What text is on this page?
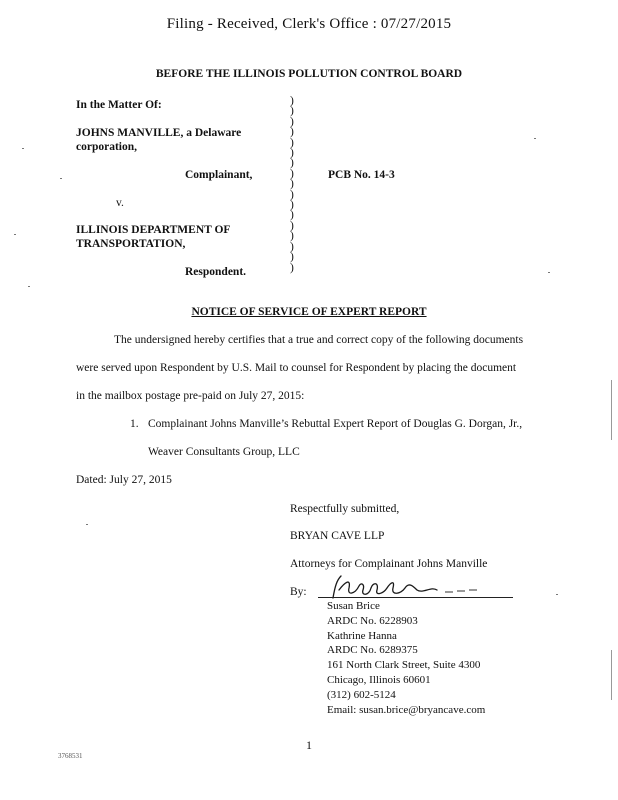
Filing - Received, Clerk's Office : 07/27/2015
BEFORE THE ILLINOIS POLLUTION CONTROL BOARD
In the Matter Of:
JOHNS MANVILLE, a Delaware
corporation,
Complainant,	PCB No. 14-3
v.
ILLINOIS DEPARTMENT OF
TRANSPORTATION,
Respondent.
)
)
)
)
)
)
)
)
)
)
)
)
)
)
)
)
)
NOTICE OF SERVICE OF EXPERT REPORT
The undersigned hereby certifies that a true and correct copy of the following documents
were served upon Respondent by U.S. Mail to counsel for Respondent by placing the document
in the mailbox postage pre-paid on July 27, 2015:
1. Complainant Johns Manville’s Rebuttal Expert Report of Douglas G. Dorgan, Jr.,
Weaver Consultants Group, LLC
Dated: July 27, 2015
Respectfully submitted,
BRYAN CAVE LLP
Attorneys for Complainant Johns Manville
By:
Susan Brice
ARDC No. 6228903
Kathrine Hanna
ARDC No. 6289375
161 North Clark Street, Suite 4300
Chicago, Illinois 60601
(312) 602-5124
Email: susan.brice@bryancave.com
1
3768531
